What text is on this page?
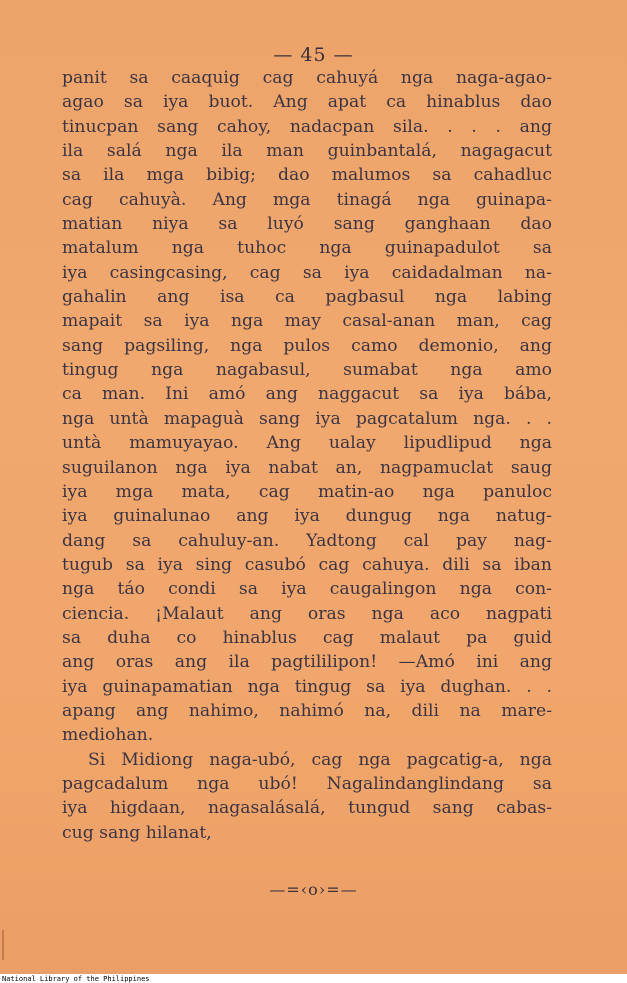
— 45 —
panit sa caaquig cag cahuyá nga naga-agao-
agao sa iya buot. Ang apat ca hinablus dao
tinucpan sang cahoy, nadacpan sila. . . . ang
ila salá nga ila man guinbantalá, nagagacut
sa ila mga bibig; dao malumos sa cahadluc
cag cahuyà. Ang mga tinagá nga guinapa-
matian niya sa luyó sang ganghaan dao
matalum nga tuhoc nga guinapadulot sa
iya casingcasing, cag sa iya caidadalman na-
gahalin ang isa ca pagbasul nga labing
mapait sa iya nga may casal-anan man, cag
sang pagsiling, nga pulos camo demonio, ang
tingug nga nagabasul, sumabat nga amo
ca man. Ini amó ang naggacut sa iya bába,
nga untà mapaguà sang iya pagcatalum nga. . .
untà mamuyayao. Ang ualay lipudlipud nga
suguilanon nga iya nabat an, nagpamuclat saug
iya mga mata, cag matin-ao nga panuloc
iya guinalunao ang iya dungug nga natug-
dang sa cahuluy-an. Yadtong cal pay nag-
tugub sa iya sing casubó cag cahuya. dili sa iban
nga táo condi sa iya caugalingon nga con-
ciencia. ¡Malaut ang oras nga aco nagpati
sa duha co hinablus cag malaut pa guid
ang oras ang ila pagtililipon! —Amó ini ang
iya guinapamatian nga tingug sa iya dughan. . .
apang ang nahimo, nahimó na, dili na mare-
mediohan.
Si Midiong naga-ubó, cag nga pagcatig-a, nga
pagcadalum nga ubó! Nagalindanglindang sa
iya higdaan, nagasalásalá, tungud sang cabas-
cug sang hilanat,
—=‹o›=—
National Library of the Philippines
